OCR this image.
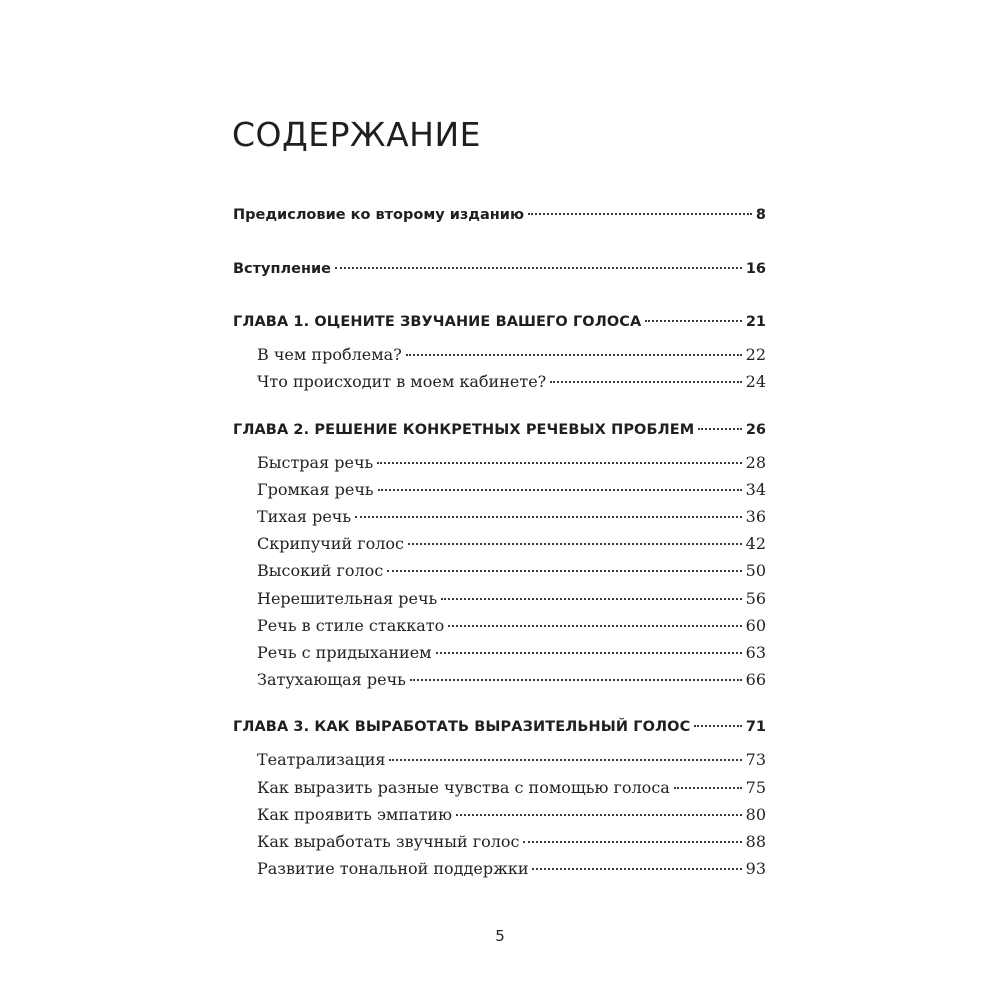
СОДЕРЖАНИЕ
Предисловие ко второму изданию	8
Вступление	16
ГЛАВА 1. ОЦЕНИТЕ ЗВУЧАНИЕ ВАШЕГО ГОЛОСА	21
В чем проблема?	22
Что происходит в моем кабинете?	24
ГЛАВА 2. РЕШЕНИЕ КОНКРЕТНЫХ РЕЧЕВЫХ ПРОБЛЕМ	26
Быстрая речь	28
Громкая речь	34
Тихая речь	36
Скрипучий голос	42
Высокий голос	50
Нерешительная речь	56
Речь в стиле стаккато	60
Речь с придыханием	63
Затухающая речь	66
ГЛАВА 3. КАК ВЫРАБОТАТЬ ВЫРАЗИТЕЛЬНЫЙ ГОЛОС	71
Театрализация	73
Как выразить разные чувства с помощью голоса	75
Как проявить эмпатию	80
Как выработать звучный голос	88
Развитие тональной поддержки	93
5
